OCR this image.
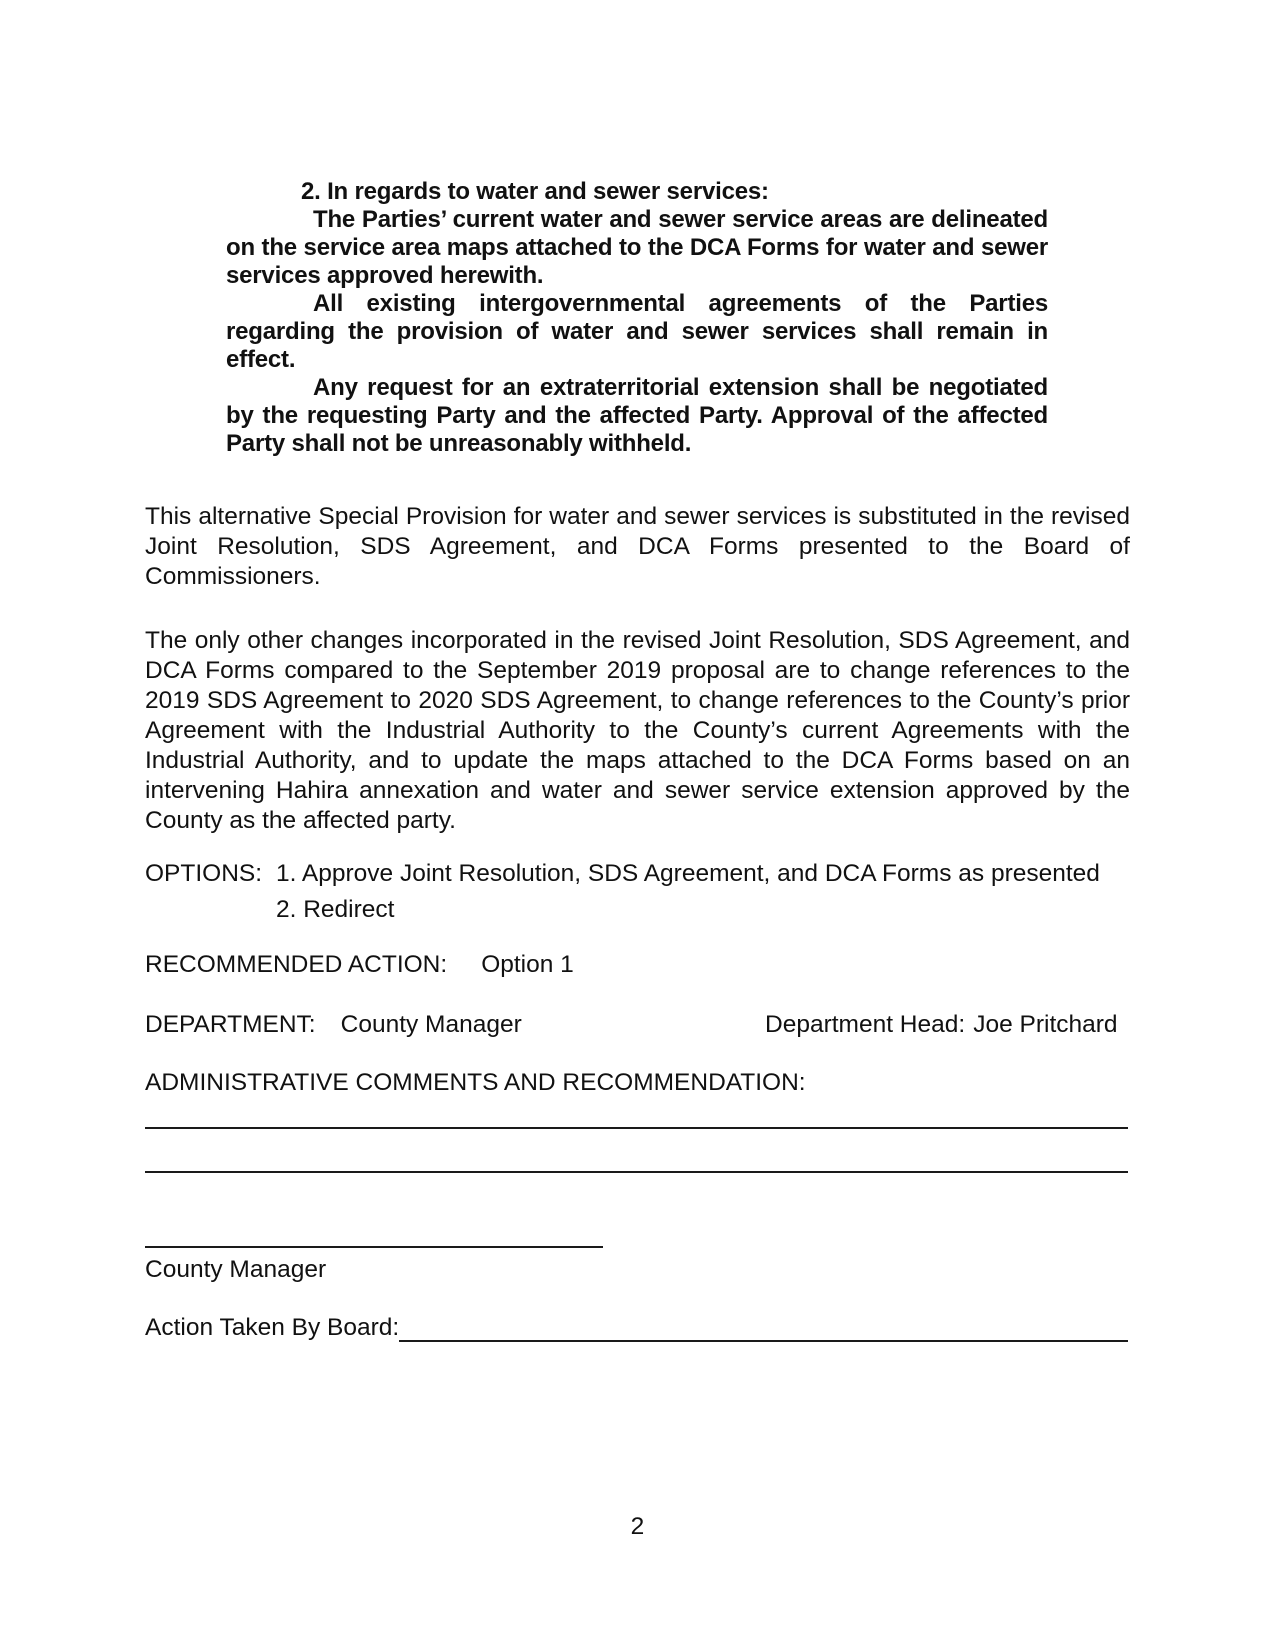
2. In regards to water and sewer services:
The Parties’ current water and sewer service areas are delineated on the service area maps attached to the DCA Forms for water and sewer services approved herewith.
All existing intergovernmental agreements of the Parties regarding the provision of water and sewer services shall remain in effect.
Any request for an extraterritorial extension shall be negotiated by the requesting Party and the affected Party. Approval of the affected Party shall not be unreasonably withheld.
This alternative Special Provision for water and sewer services is substituted in the revised Joint Resolution, SDS Agreement, and DCA Forms presented to the Board of Commissioners.
The only other changes incorporated in the revised Joint Resolution, SDS Agreement, and DCA Forms compared to the September 2019 proposal are to change references to the 2019 SDS Agreement to 2020 SDS Agreement, to change references to the County’s prior Agreement with the Industrial Authority to the County’s current Agreements with the Industrial Authority, and to update the maps attached to the DCA Forms based on an intervening Hahira annexation and water and sewer service extension approved by the County as the affected party.
OPTIONS: 1. Approve Joint Resolution, SDS Agreement, and DCA Forms as presented
2. Redirect
RECOMMENDED ACTION: Option 1
DEPARTMENT: County Manager	Department Head: Joe Pritchard
ADMINISTRATIVE COMMENTS AND RECOMMENDATION:
County Manager
Action Taken By Board:
2
